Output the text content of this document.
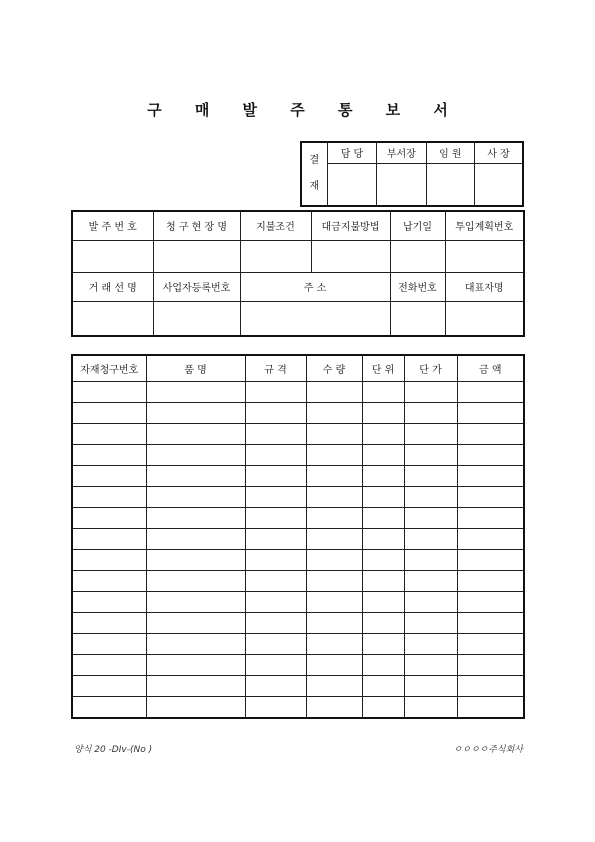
구 매 발 주 통 보 서
결
재	담 당	부서장	임 원	사 장

발 주 번 호	청 구 현 장 명	지불조건	대금지불방법	납기일	투입계획번호

거 래 선 명	사업자등록번호	주 소		전화번호	대표자명

자재청구번호	품 명	규 격	수 량	단 위	단 가	금 액

양식 20 -DIv-(No )	ㅇㅇㅇㅇ주식회사
